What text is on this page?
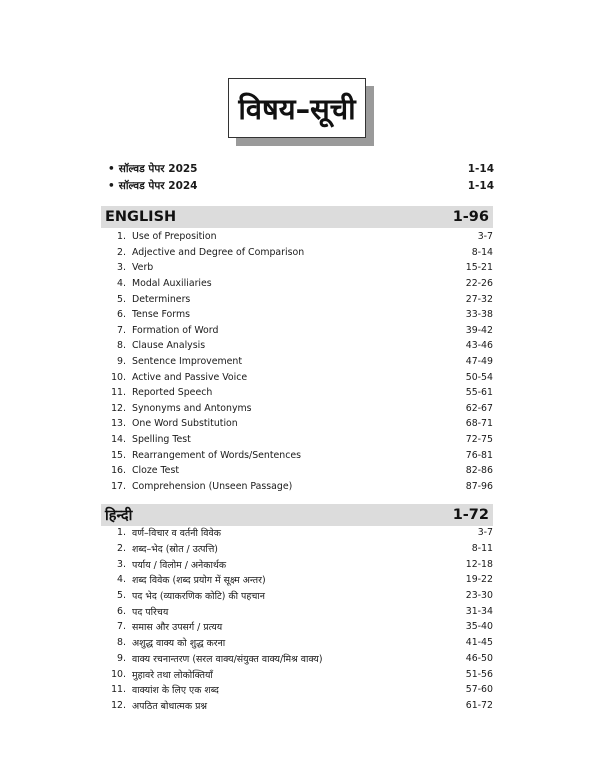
विषय–सूची
• सॉल्वड पेपर 2025	1-14
• सॉल्वड पेपर 2024	1-14
ENGLISH	1-96
1. Use of Preposition	3-7
2. Adjective and Degree of Comparison	8-14
3. Verb	15-21
4. Modal Auxiliaries	22-26
5. Determiners	27-32
6. Tense Forms	33-38
7. Formation of Word	39-42
8. Clause Analysis	43-46
9. Sentence Improvement	47-49
10. Active and Passive Voice	50-54
11. Reported Speech	55-61
12. Synonyms and Antonyms	62-67
13. One Word Substitution	68-71
14. Spelling Test	72-75
15. Rearrangement of Words/Sentences	76-81
16. Cloze Test	82-86
17. Comprehension (Unseen Passage)	87-96
हिन्दी	1-72
1. वर्ण–विचार व वर्तनी विवेक	3-7
2. शब्द–भेद (स्रोत / उत्पत्ति)	8-11
3. पर्याय / विलोम / अनेकार्थक	12-18
4. शब्द विवेक (शब्द प्रयोग में सूक्ष्म अन्तर)	19-22
5. पद भेद (व्याकरणिक कोटि) की पहचान	23-30
6. पद परिचय	31-34
7. समास और उपसर्ग / प्रत्यय	35-40
8. अशुद्ध वाक्य को शुद्ध करना	41-45
9. वाक्य रचनान्तरण (सरल वाक्य/संयुक्त वाक्य/मिश्र वाक्य)	46-50
10. मुहावरे तथा लोकोक्तियाँ	51-56
11. वाक्यांश के लिए एक शब्द	57-60
12. अपठित बोधात्मक प्रश्न	61-72
